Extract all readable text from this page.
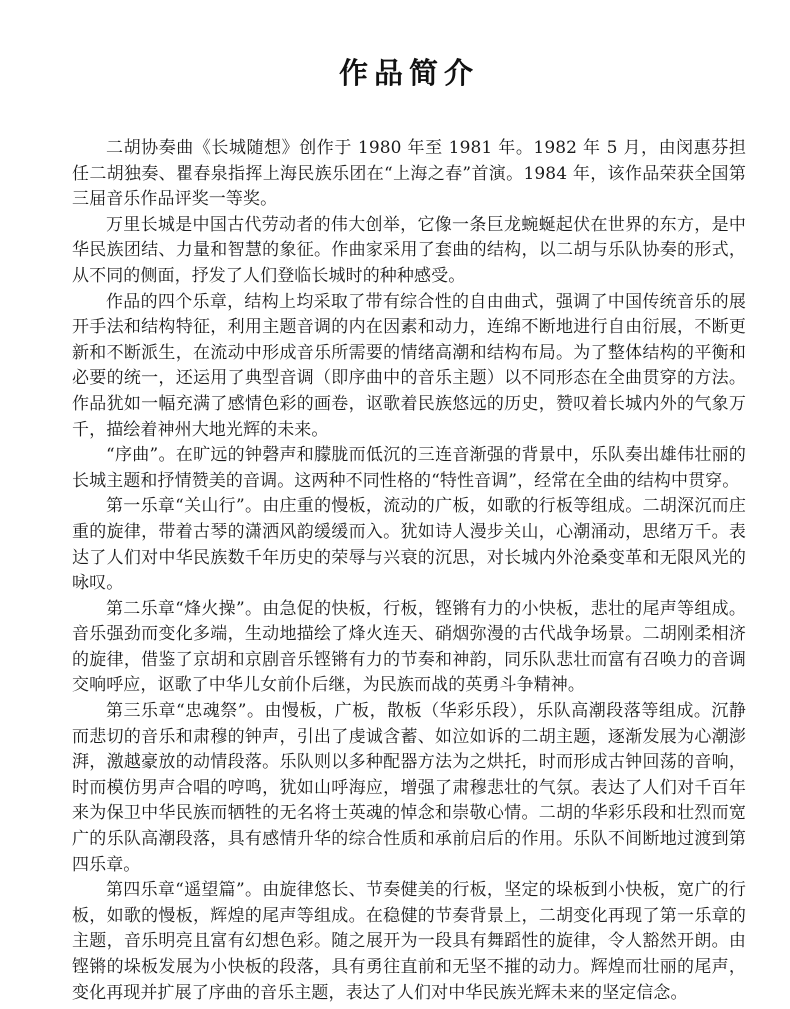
作品简介

二胡协奏曲《长城随想》创作于 1980 年至 1981 年。1982 年 5 月，由闵惠芬担任二胡独奏、瞿春泉指挥上海民族乐团在“上海之春”首演。1984 年，该作品荣获全国第三届音乐作品评奖一等奖。

万里长城是中国古代劳动者的伟大创举，它像一条巨龙蜿蜒起伏在世界的东方，是中华民族团结、力量和智慧的象征。作曲家采用了套曲的结构，以二胡与乐队协奏的形式，从不同的侧面，抒发了人们登临长城时的种种感受。

作品的四个乐章，结构上均采取了带有综合性的自由曲式，强调了中国传统音乐的展开手法和结构特征，利用主题音调的内在因素和动力，连绵不断地进行自由衍展，不断更新和不断派生，在流动中形成音乐所需要的情绪高潮和结构布局。为了整体结构的平衡和必要的统一，还运用了典型音调（即序曲中的音乐主题）以不同形态在全曲贯穿的方法。作品犹如一幅充满了感情色彩的画卷，讴歌着民族悠远的历史，赞叹着长城内外的气象万千，描绘着神州大地光辉的未来。

“序曲”。在旷远的钟磬声和朦胧而低沉的三连音渐强的背景中，乐队奏出雄伟壮丽的长城主题和抒情赞美的音调。这两种不同性格的“特性音调”，经常在全曲的结构中贯穿。

第一乐章“关山行”。由庄重的慢板，流动的广板，如歌的行板等组成。二胡深沉而庄重的旋律，带着古琴的潇洒风韵缓缓而入。犹如诗人漫步关山，心潮涌动，思绪万千。表达了人们对中华民族数千年历史的荣辱与兴衰的沉思，对长城内外沧桑变革和无限风光的咏叹。

第二乐章“烽火操”。由急促的快板，行板，铿锵有力的小快板，悲壮的尾声等组成。音乐强劲而变化多端，生动地描绘了烽火连天、硝烟弥漫的古代战争场景。二胡刚柔相济的旋律，借鉴了京胡和京剧音乐铿锵有力的节奏和神韵，同乐队悲壮而富有召唤力的音调交响呼应，讴歌了中华儿女前仆后继，为民族而战的英勇斗争精神。

第三乐章“忠魂祭”。由慢板，广板，散板（华彩乐段），乐队高潮段落等组成。沉静而悲切的音乐和肃穆的钟声，引出了虔诚含蓄、如泣如诉的二胡主题，逐渐发展为心潮澎湃，激越豪放的动情段落。乐队则以多种配器方法为之烘托，时而形成古钟回荡的音响，时而模仿男声合唱的哼鸣，犹如山呼海应，增强了肃穆悲壮的气氛。表达了人们对千百年来为保卫中华民族而牺牲的无名将士英魂的悼念和崇敬心情。二胡的华彩乐段和壮烈而宽广的乐队高潮段落，具有感情升华的综合性质和承前启后的作用。乐队不间断地过渡到第四乐章。

第四乐章“遥望篇”。由旋律悠长、节奏健美的行板，坚定的垛板到小快板，宽广的行板，如歌的慢板，辉煌的尾声等组成。在稳健的节奏背景上，二胡变化再现了第一乐章的主题，音乐明亮且富有幻想色彩。随之展开为一段具有舞蹈性的旋律，令人豁然开朗。由铿锵的垛板发展为小快板的段落，具有勇往直前和无坚不摧的动力。辉煌而壮丽的尾声，变化再现并扩展了序曲的音乐主题，表达了人们对中华民族光辉未来的坚定信念。
